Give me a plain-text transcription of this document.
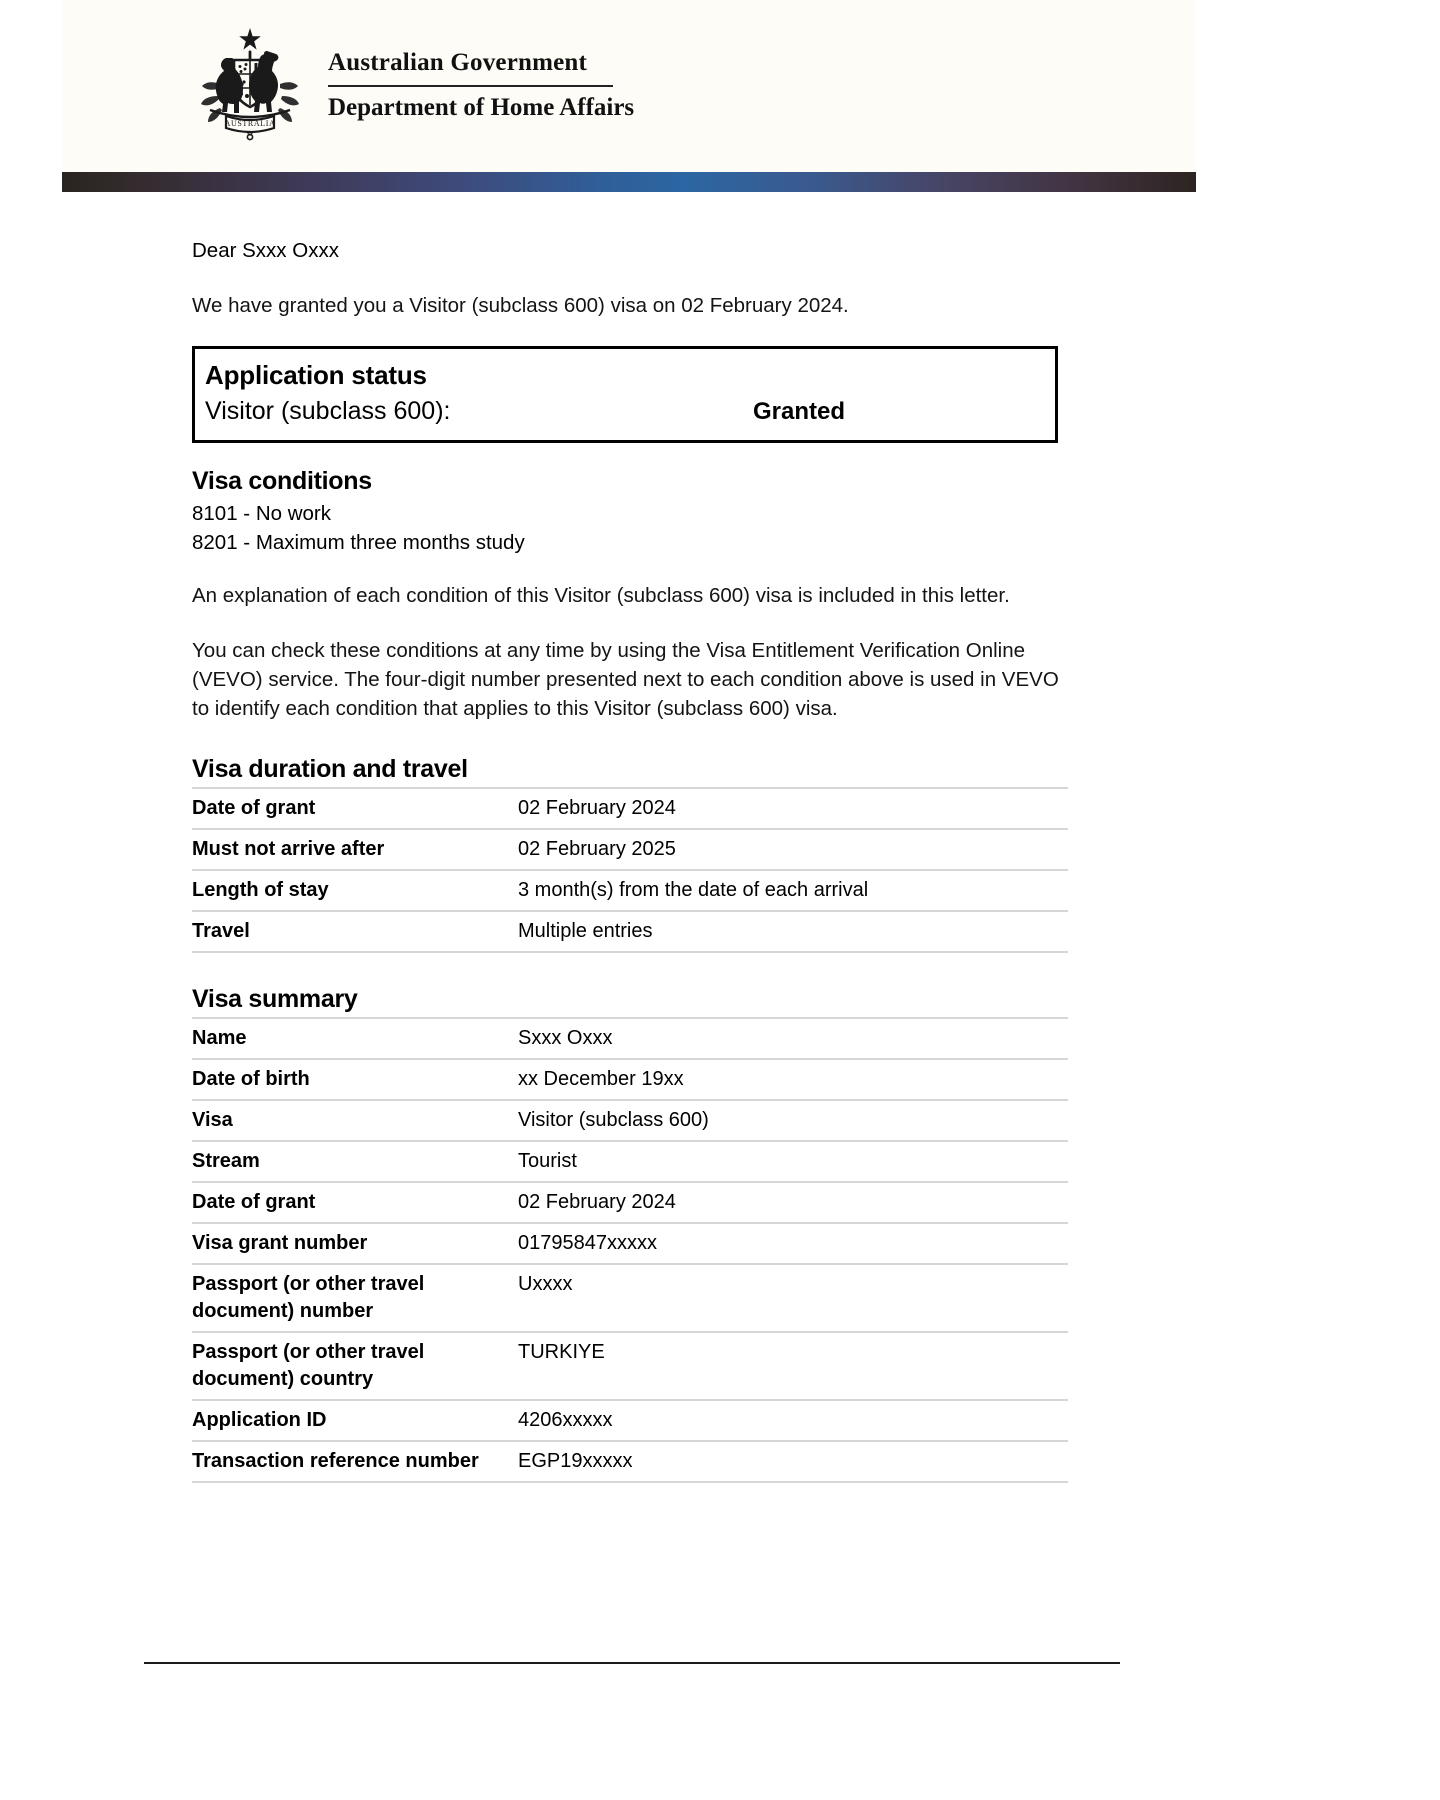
AUSTRALIA
Australian Government
Department of Home Affairs
Dear Sxxx Oxxx

We have granted you a Visitor (subclass 600) visa on 02 February 2024.

Application status
Visitor (subclass 600):	Granted
Visa conditions
8101 - No work
8201 - Maximum three months study

An explanation of each condition of this Visitor (subclass 600) visa is included in this letter.

You can check these conditions at any time by using the Visa Entitlement Verification Online (VEVO) service. The four-digit number presented next to each condition above is used in VEVO to identify each condition that applies to this Visitor (subclass 600) visa.

Visa duration and travel
Date of grant	02 February 2024
Must not arrive after	02 February 2025
Length of stay	3 month(s) from the date of each arrival
Travel	Multiple entries
Visa summary
Name	Sxxx Oxxx
Date of birth	xx December 19xx
Visa	Visitor (subclass 600)
Stream	Tourist
Date of grant	02 February 2024
Visa grant number	01795847xxxxx
Passport (or other travel document) number	Uxxxx
Passport (or other travel document) country	TURKIYE
Application ID	4206xxxxx
Transaction reference number	EGP19xxxxx
